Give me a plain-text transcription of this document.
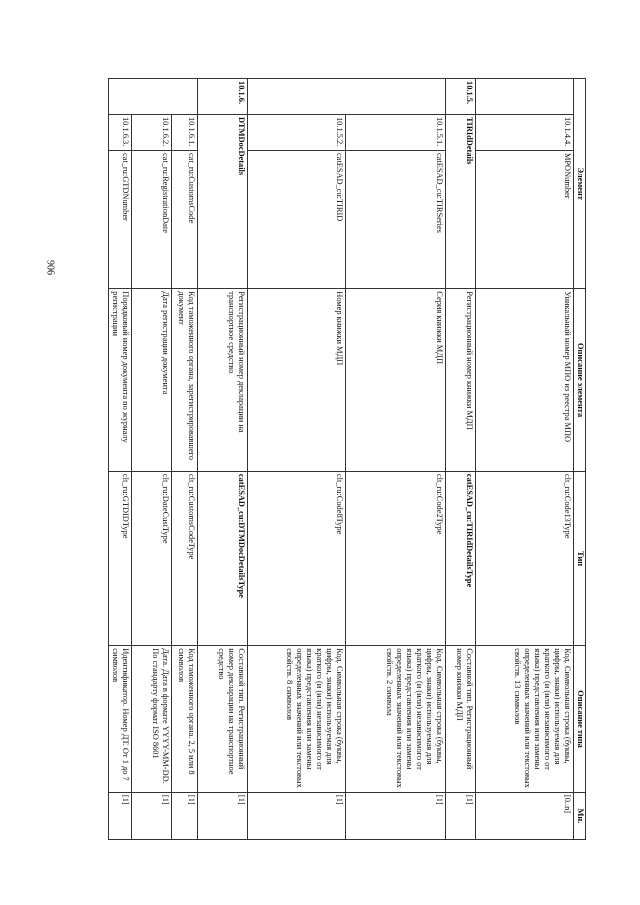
906
Элемент			Описание элемента	Тип	Описание типа	Мн.
	10.1.4.4.	MPONumber	Уникальный номер МПО из реестра МПО	clt_ru:Code13Type	Код. Символьная строка (буквы, цифры, знаки) используемая для краткого (и (или) независимого от языка) представления или замены определенных значений или текстовых свойств. 13 символов	[0..n]
10.1.5.	TIRIdDetails		Регистрационный номер книжки МДП	catESAD_cu:TIRIdDetailsType	Составной тип. Регистрационный номер книжки МДП	[1]
	10.1.5.1.	catESAD_cu:TIRSeries	Серия книжки МДП	clt_ru:Code2Type	Код. Символьная строка (буквы, цифры, знаки) используемая для краткого (и (или) независимого от языка) представления или замены определенных значений или текстовых свойств. 2 символа	[1]
	10.1.5.2.	catESAD_cu:TIRID	Номер книжки МДП	clt_ru:Code8Type	Код. Символьная строка (буквы, цифры, знаки) используемая для краткого (и (или) независимого от языка) представления или замены определенных значений или текстовых свойств. 8 символов	[1]
10.1.6.	DTMDocDetails		Регистрационный номер декларации на транспортное средство	catESAD_cu:DTMDocDetailsType	Составной тип. Регистрационный номер декларации на транспортное средство	[1]
	10.1.6.1.	cat_ru:CustomsCode	Код таможенного органа, зарегистрировавшего документ	clt_ru:CustomsCodeType	Код таможенного органа. 2, 5 или 8 символов	[1]
	10.1.6.2.	cat_ru:RegistrationDate	Дата регистрации документа	clt_ru:DateCustType	Дата. Дата в формате YYYY-MM-DD. По стандарту формат ISO 8601	[1]
	10.1.6.3.	cat_ru:GTDNumber	Порядковый номер документа по журналу регистрации	clt_ru:GTDIDType	Идентификатор. Номер ДТ. От 1 до 7 символов	[1]
